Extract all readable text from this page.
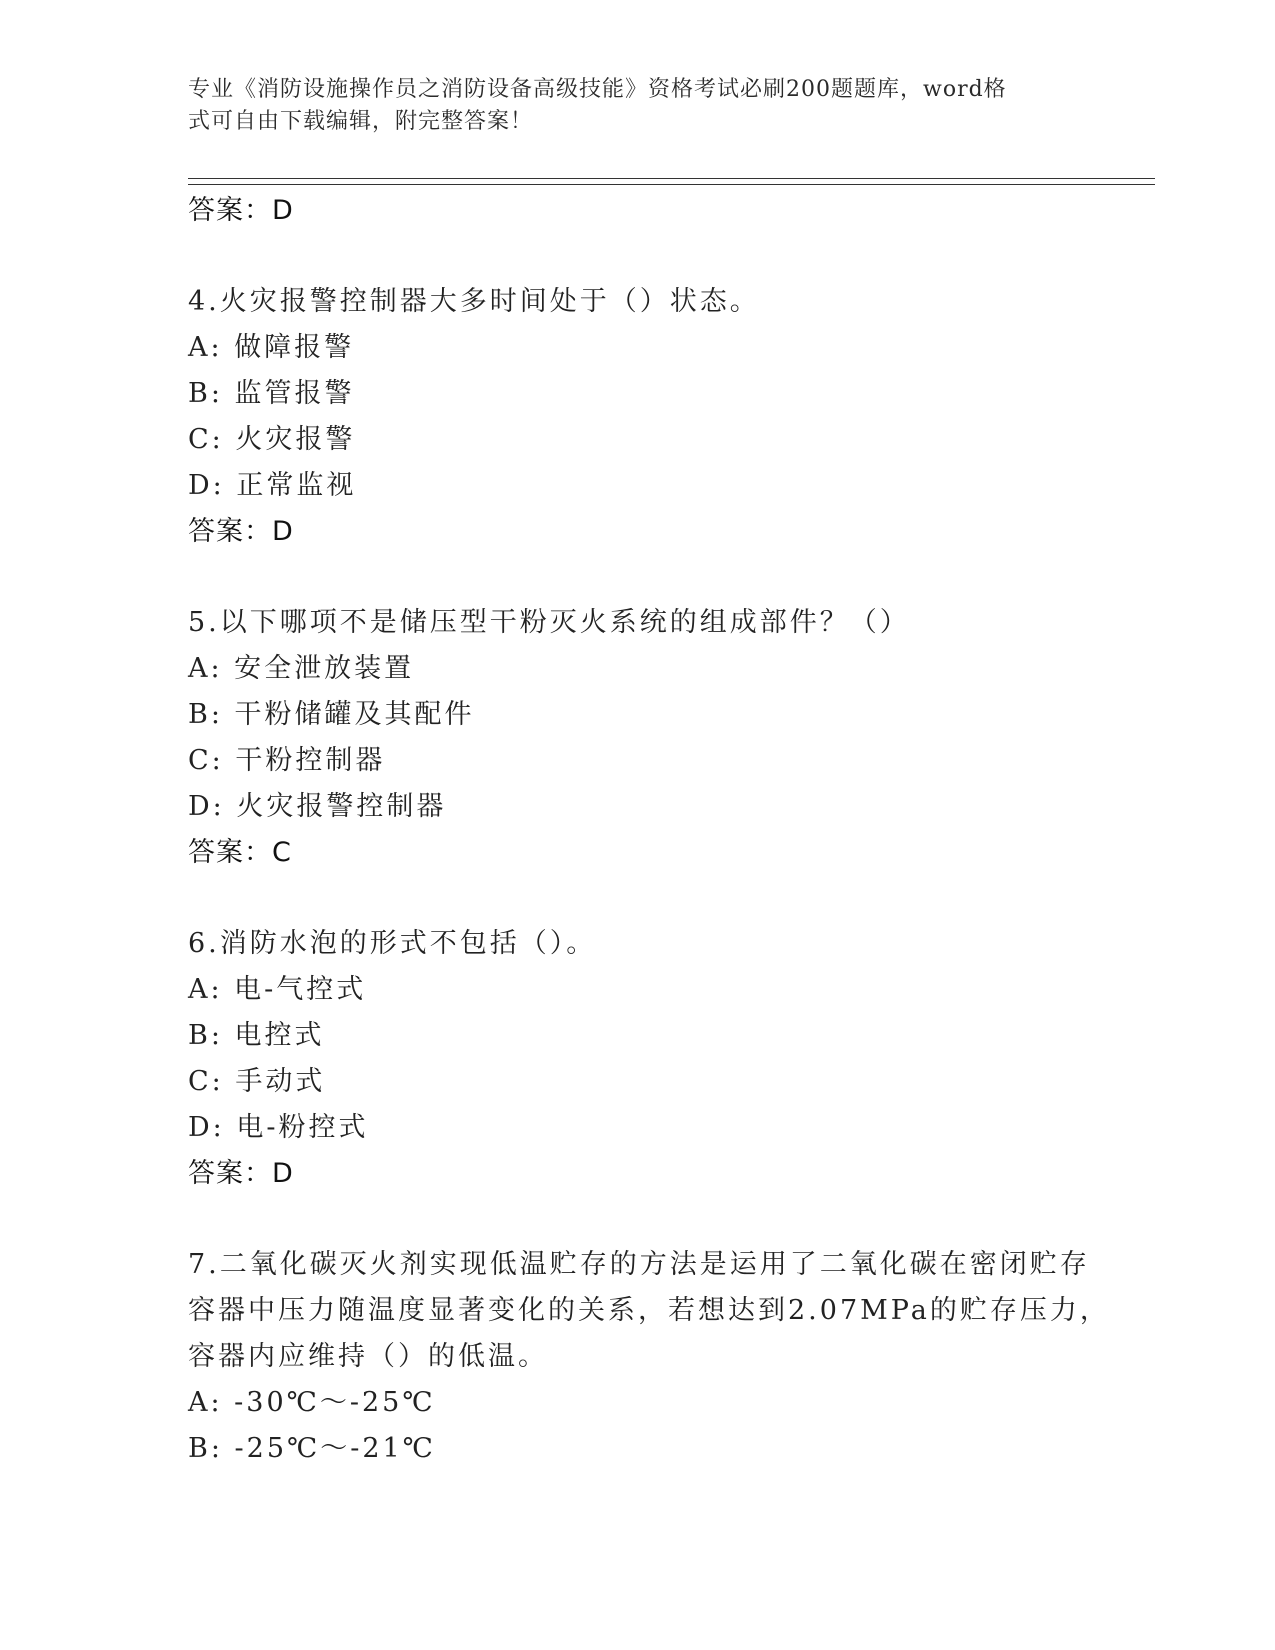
专业《消防设施操作员之消防设备高级技能》资格考试必刷200题题库，word格
式可自由下载编辑，附完整答案！
答案：D
4.火灾报警控制器大多时间处于（）状态。
A: 做障报警
B: 监管报警
C: 火灾报警
D: 正常监视
答案：D
5.以下哪项不是储压型干粉灭火系统的组成部件？（）
A: 安全泄放装置
B: 干粉储罐及其配件
C: 干粉控制器
D: 火灾报警控制器
答案：C
6.消防水泡的形式不包括（）。
A: 电-气控式
B: 电控式
C: 手动式
D: 电-粉控式
答案：D
7.二氧化碳灭火剂实现低温贮存的方法是运用了二氧化碳在密闭贮存
容器中压力随温度显著变化的关系，若想达到2.07MPa的贮存压力，
容器内应维持（）的低温。
A: -30℃～-25℃
B: -25℃～-21℃
